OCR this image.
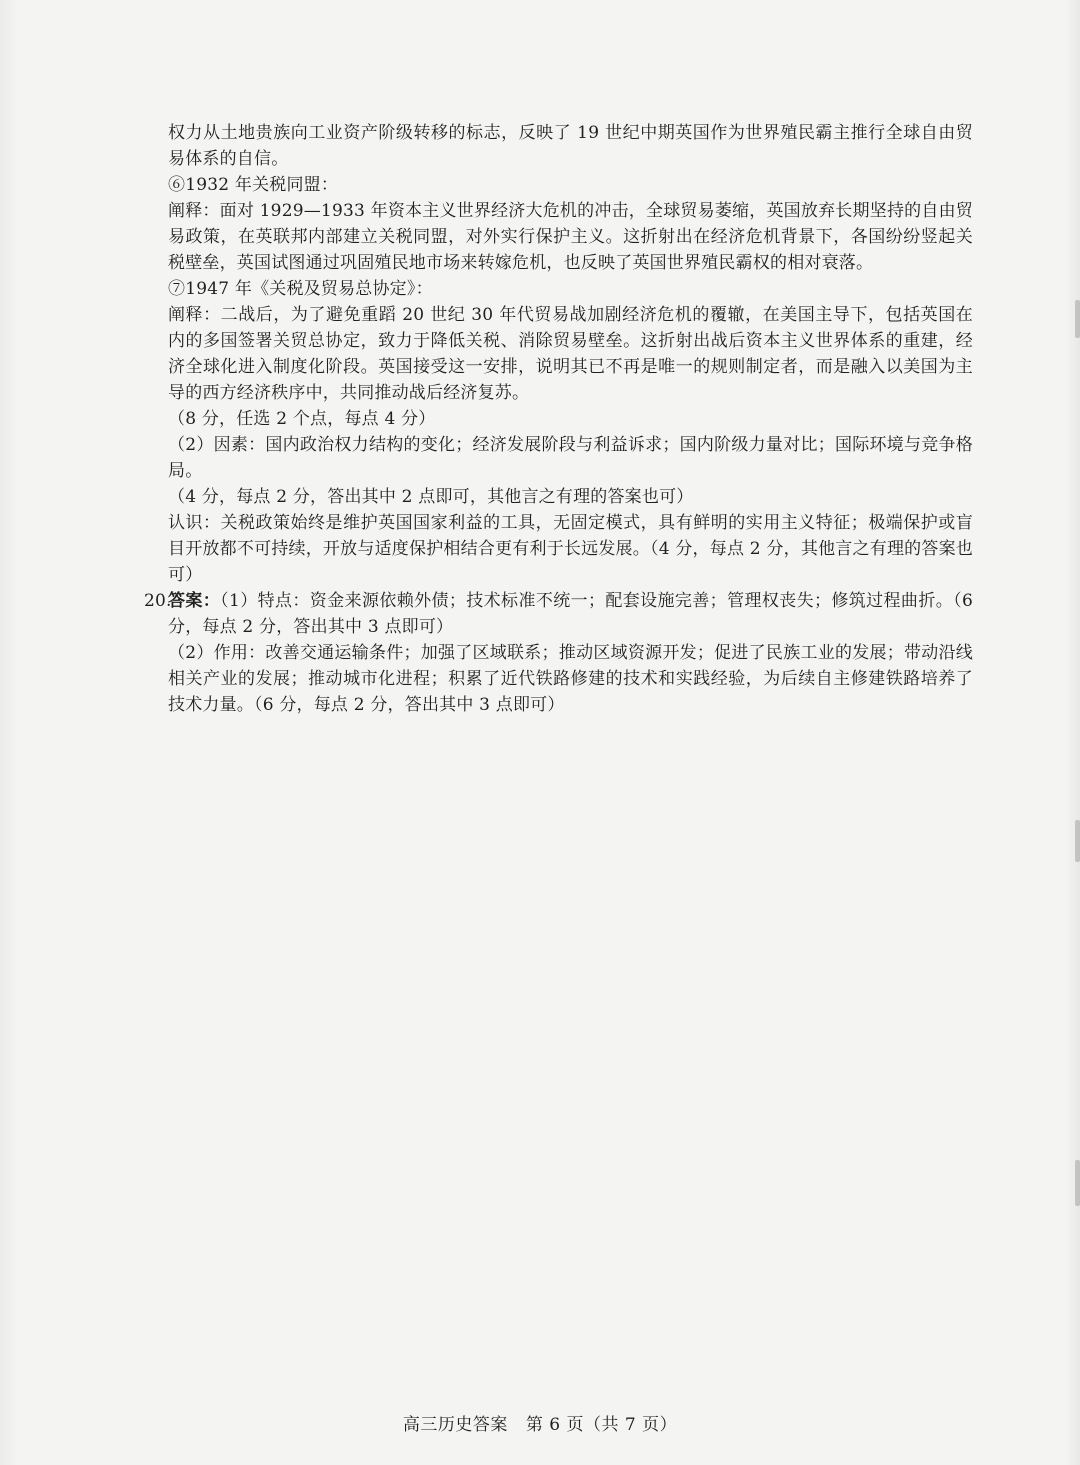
权力从土地贵族向工业资产阶级转移的标志，反映了 19 世纪中期英国作为世界殖民霸主推行全球自由贸易体系的自信。

⑥1932 年关税同盟：

阐释：面对 1929—1933 年资本主义世界经济大危机的冲击，全球贸易萎缩，英国放弃长期坚持的自由贸易政策，在英联邦内部建立关税同盟，对外实行保护主义。这折射出在经济危机背景下，各国纷纷竖起关税壁垒，英国试图通过巩固殖民地市场来转嫁危机，也反映了英国世界殖民霸权的相对衰落。

⑦1947 年《关税及贸易总协定》：

阐释：二战后，为了避免重蹈 20 世纪 30 年代贸易战加剧经济危机的覆辙，在美国主导下，包括英国在内的多国签署关贸总协定，致力于降低关税、消除贸易壁垒。这折射出战后资本主义世界体系的重建，经济全球化进入制度化阶段。英国接受这一安排，说明其已不再是唯一的规则制定者，而是融入以美国为主导的西方经济秩序中，共同推动战后经济复苏。

（8 分，任选 2 个点，每点 4 分）

（2）因素：国内政治权力结构的变化；经济发展阶段与利益诉求；国内阶级力量对比；国际环境与竞争格局。

（4 分，每点 2 分，答出其中 2 点即可，其他言之有理的答案也可）

认识：关税政策始终是维护英国国家利益的工具，无固定模式，具有鲜明的实用主义特征；极端保护或盲目开放都不可持续，开放与适度保护相结合更有利于长远发展。（4 分，每点 2 分，其他言之有理的答案也可）

20.

答案：（1）特点：资金来源依赖外债；技术标准不统一；配套设施完善；管理权丧失；修筑过程曲折。（6 分，每点 2 分，答出其中 3 点即可）

（2）作用：改善交通运输条件；加强了区域联系；推动区域资源开发；促进了民族工业的发展；带动沿线相关产业的发展；推动城市化进程；积累了近代铁路修建的技术和实践经验，为后续自主修建铁路培养了技术力量。（6 分，每点 2 分，答出其中 3 点即可）

高三历史答案 第 6 页（共 7 页）
